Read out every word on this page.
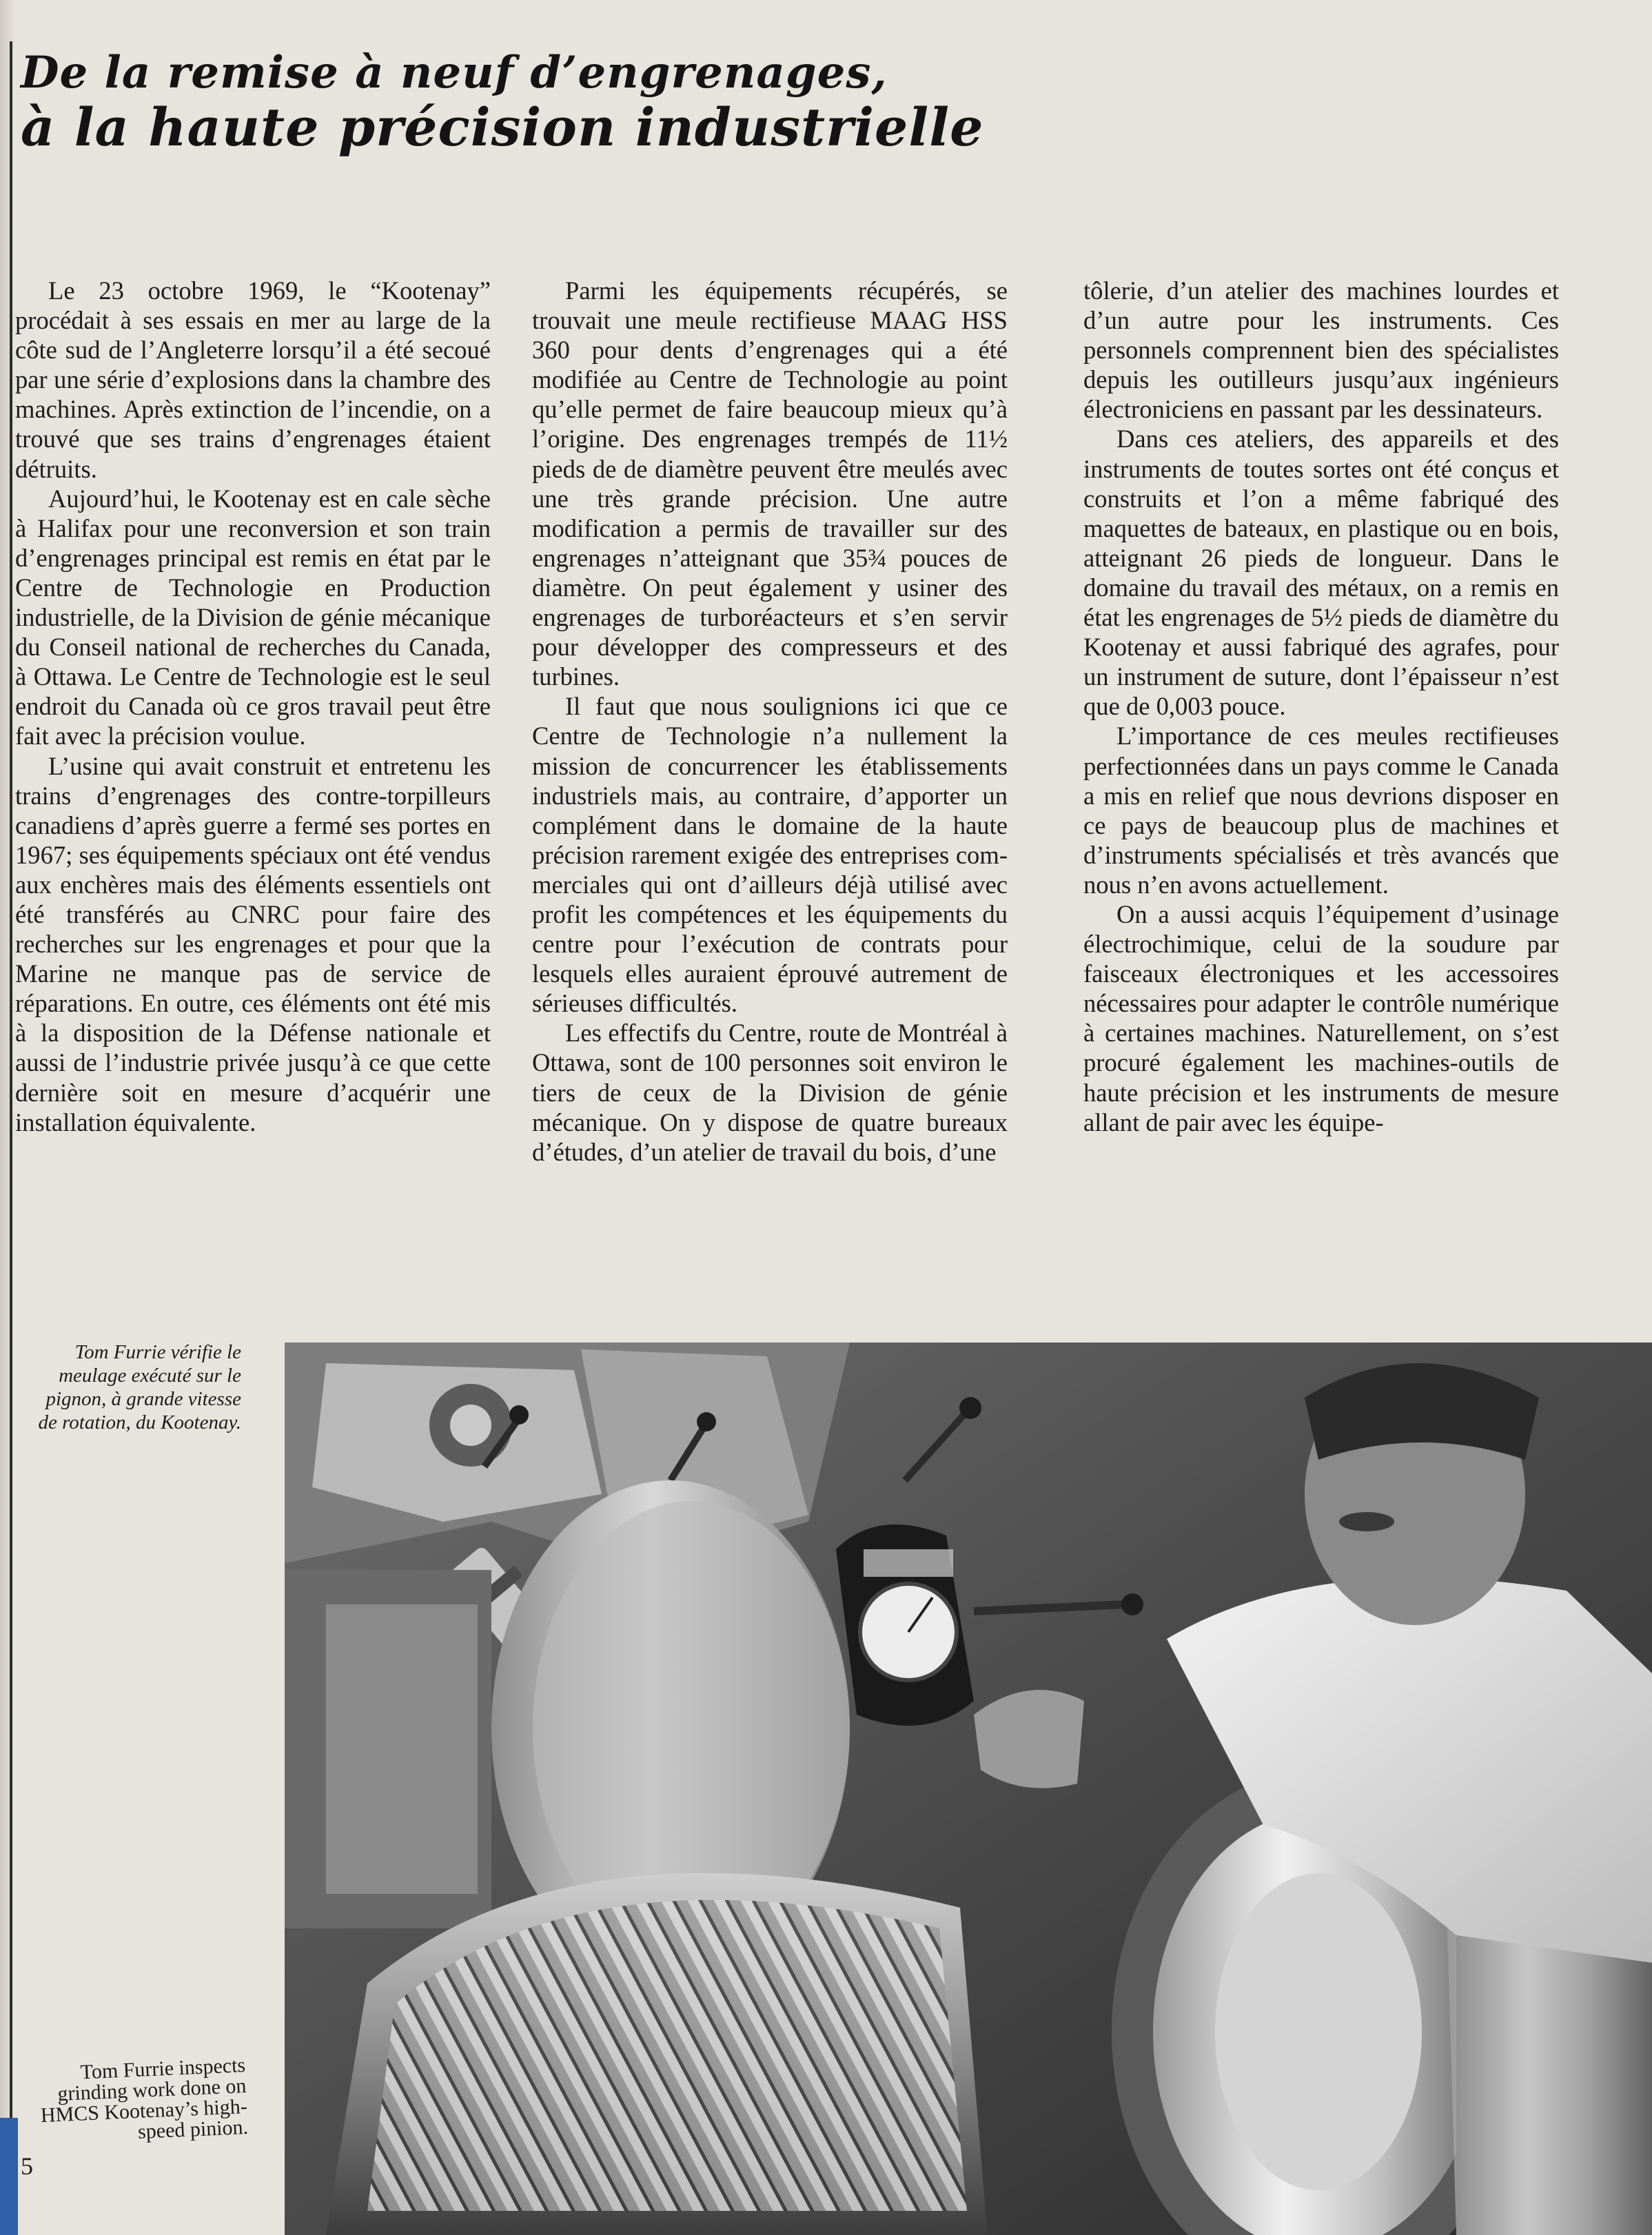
De la remise à neuf d’engrenages,
à la haute précision industrielle

Le 23 octobre 1969, le “Kootenay” procédait à ses essais en mer au large de la côte sud de l’Angleterre lorsqu’il a été secoué par une série d’explosions dans la chambre des machines. Après extinction de l’incendie, on a trouvé que ses trains d’engrenages étaient détruits.

Aujourd’hui, le Kootenay est en cale sèche à Halifax pour une reconversion et son train d’engrenages principal est remis en état par le Centre de Technologie en Production industrielle, de la Division de génie mécanique du Conseil national de recherches du Canada, à Ottawa. Le Centre de Technologie est le seul endroit du Canada où ce gros travail peut être fait avec la précision voulue.

L’usine qui avait construit et entretenu les trains d’engrenages des contre-torpilleurs canadiens d’après guerre a fermé ses portes en 1967; ses équipements spéciaux ont été vendus aux enchères mais des éléments essentiels ont été transférés au CNRC pour faire des recherches sur les engrenages et pour que la Marine ne manque pas de service de réparations. En outre, ces éléments ont été mis à la disposition de la Défense nationale et aussi de l’industrie privée jusqu’à ce que cette dernière soit en mesure d’acquérir une installation équivalente.

Parmi les équipements récupérés, se trouvait une meule rectifieuse MAAG HSS 360 pour dents d’engrenages qui a été modifiée au Centre de Technologie au point qu’elle permet de faire beaucoup mieux qu’à l’origine. Des engrenages trempés de 11½ pieds de de diamètre peuvent être meulés avec une très grande précision. Une autre modification a permis de travailler sur des engrenages n’atteignant que 35¾ pouces de diamètre. On peut également y usiner des engrenages de turboréacteurs et s’en servir pour développer des compresseurs et des turbines.

Il faut que nous soulignions ici que ce Centre de Technologie n’a nullement la mission de concurrencer les établissements industriels mais, au contraire, d’apporter un complément dans le domaine de la haute précision rarement exigée des entreprises commerciales qui ont d’ailleurs déjà utilisé avec profit les compétences et les équipements du centre pour l’exécution de contrats pour lesquels elles auraient éprouvé autrement de sérieuses difficultés.

Les effectifs du Centre, route de Montréal à Ottawa, sont de 100 personnes soit environ le tiers de ceux de la Division de génie mécanique. On y dispose de quatre bureaux d’études, d’un atelier de travail du bois, d’une

tôlerie, d’un atelier des machines lourdes et d’un autre pour les instruments. Ces personnels comprennent bien des spécialistes depuis les outilleurs jusqu’aux ingénieurs électroniciens en passant par les dessinateurs.

Dans ces ateliers, des appareils et des instruments de toutes sortes ont été conçus et construits et l’on a même fabriqué des maquettes de bateaux, en plastique ou en bois, atteignant 26 pieds de longueur. Dans le domaine du travail des métaux, on a remis en état les engrenages de 5½ pieds de diamètre du Kootenay et aussi fabriqué des agrafes, pour un instrument de suture, dont l’épaisseur n’est que de 0,003 pouce.

L’importance de ces meules rectifieuses perfectionnées dans un pays comme le Canada a mis en relief que nous devrions disposer en ce pays de beaucoup plus de machines et d’instruments spécialisés et très avancés que nous n’en avons actuellement.

On a aussi acquis l’équipement d’usinage électrochimique, celui de la soudure par faisceaux électroniques et les accessoires nécessaires pour adapter le contrôle numérique à certaines machines. Naturellement, on s’est procuré également les machines-outils de haute précision et les instruments de mesure allant de pair avec les équipe-

Tom Furrie vérifie le meulage exécuté sur le pignon, à grande vitesse de rotation, du Kootenay.

Tom Furrie inspects grinding work done on HMCS Kootenay’s high-speed pinion.

5
